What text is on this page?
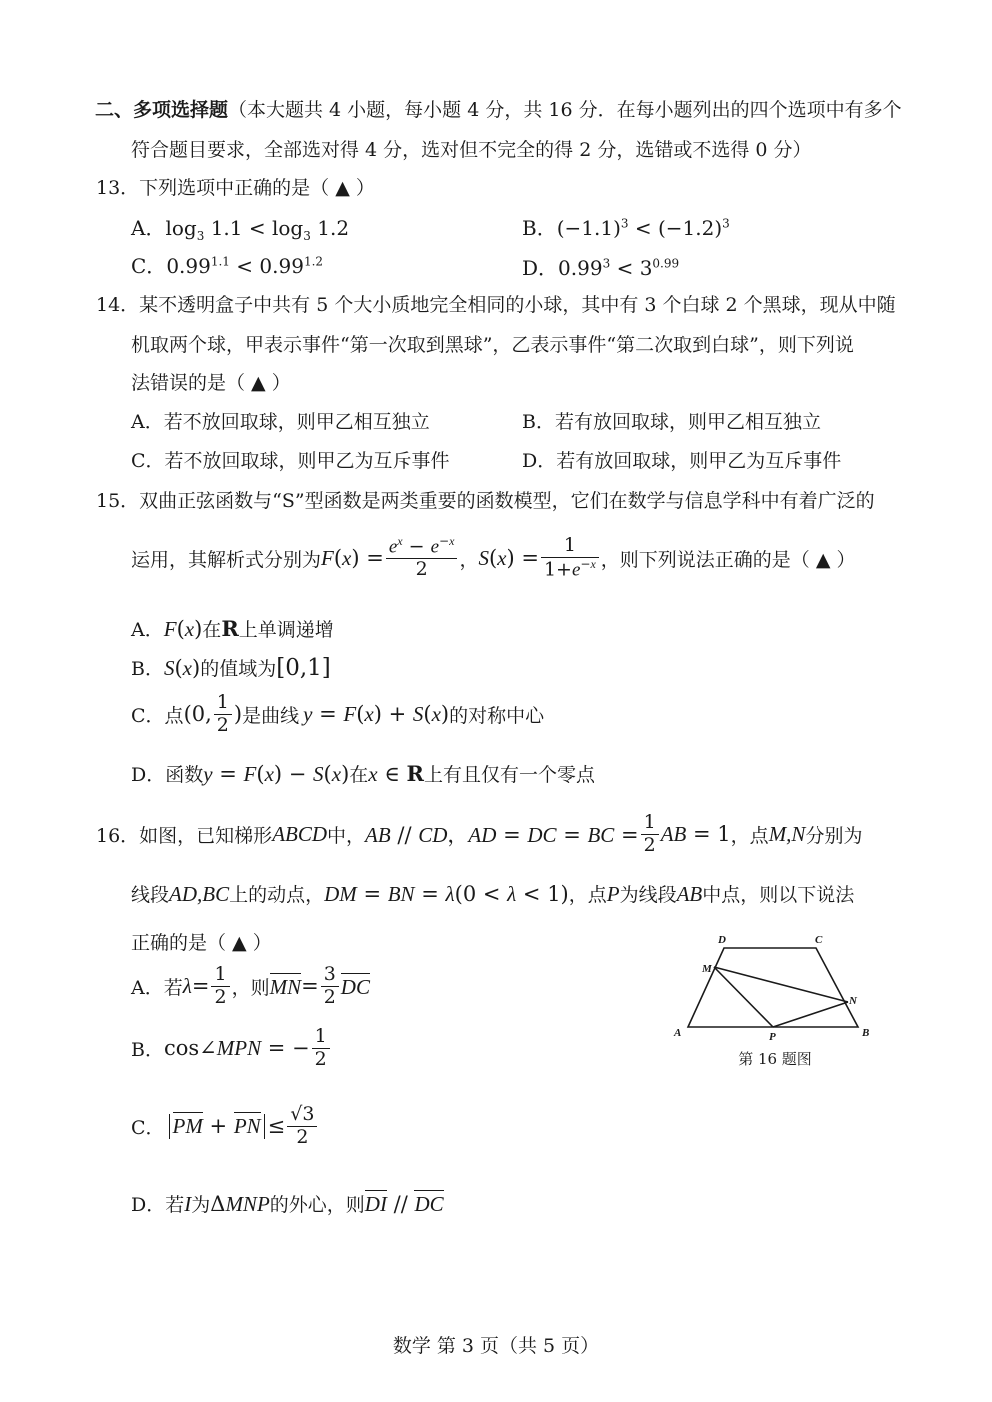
二、多项选择题（本大题共 4 小题，每小题 4 分，共 16 分．在每小题列出的四个选项中有多个
符合题目要求，全部选对得 4 分，选对但不完全的得 2 分，选错或不选得 0 分）
13．下列选项中正确的是（ ▲ ）
A．$\log_3 1.1 < \log_3 1.2$	B．$(-1.1)^3 < (-1.2)^3$
C．$0.99^{1.1} < 0.99^{1.2}$	D．$0.99^3 < 3^{0.99}$
14．某不透明盒子中共有 5 个大小质地完全相同的小球，其中有 3 个白球 2 个黑球，现从中随
机取两个球，甲表示事件“第一次取到黑球”，乙表示事件“第二次取到白球”，则下列说
法错误的是（ ▲ ）
A．若不放回取球，则甲乙相互独立	B．若有放回取球，则甲乙相互独立
C．若不放回取球，则甲乙为互斥事件	D．若有放回取球，则甲乙为互斥事件
15．双曲正弦函数与“S”型函数是两类重要的函数模型，它们在数学与信息学科中有着广泛的
运用，其解析式分别为 F ( x ) = $\frac{e^x - e^{-x}}{2}$ ， S ( x ) = $\frac{1}{1+e^{-x}}$ ，则下列说法正确的是（ ▲ ）
A．F(x)在R上单调递增
B．S(x)的值域为[0,1]
C． 点 (0, $\frac{1}{2}$ ) 是曲线 y = F(x) + S(x) 的对称中心
D．函数y = F(x) − S(x)在x ∈ R上有且仅有一个零点
16．如图，已知梯形 ABCD 中， AB // CD，AD = DC = BC = $\frac{1}{2}$ AB = 1 ，点 M,N 分别为
线段AD,BC上的动点，DM = BN = λ(0 < λ < 1)，点P为线段AB中点，则以下说法
正确的是（ ▲ ）
A． 若 $\lambda = \frac{1}{2}$ ，则 MN = $\frac{3}{2}$ DC
B． cos∠MPN = − $\frac{1}{2}$
C． PM + PN ≤ $\frac{√3}{2}$
D．若I为ΔMNP的外心，则DI // DC
D	C
M
N
A	P	B
第 16 题图
数学 第 3 页（共 5 页）
